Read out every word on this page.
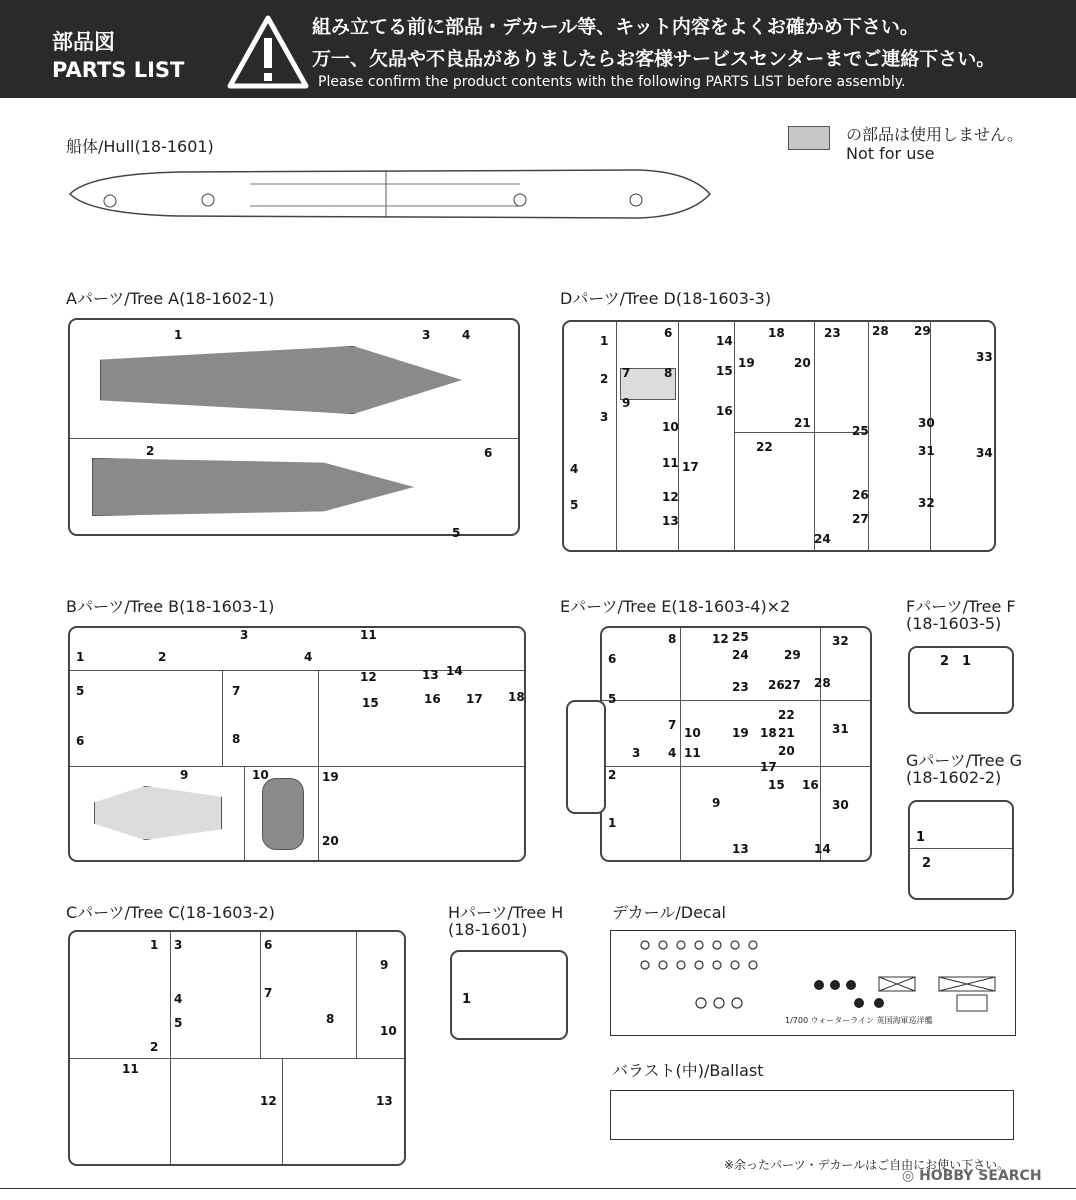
部品図
PARTS LIST
組み立てる前に部品・デカール等、キット内容をよくお確かめ下さい。
万一、欠品や不良品がありましたらお客様サービスセンターまでご連絡下さい。
Please confirm the product contents with the following PARTS LIST before assembly.
の部品は使用しません。
Not for use
船体/Hull(18-1601)
Aパーツ/Tree A(18-1602-1)
1
2
3	4
5
6
Dパーツ/Tree D(18-1603-3)
1
2
3
4
5
6
7	8
9
10
11
12
13
14
15
16
17
18
19	20
21
22
23
24
25
26
27
28 29
30
31
32
33
34
Bパーツ/Tree B(18-1603-1)
1	2
3
4
5
6
7
8
9	10
11
12	13 14
15	16 17 18
19
20
Eパーツ/Tree E(18-1603-4)×2
1
2
3 4
5
6
7
8
9
10
11
12
13	14
15 16
17
18
19
20
21
22
23
24
25
26 27 28
29
30
31
32
Fパーツ/Tree F
(18-1603-5)
2 1
Gパーツ/Tree G
(18-1602-2)
1
2
Cパーツ/Tree C(18-1603-2)
1
2
3
4
5
6
7
8
9
10
11
12	13
Hパーツ/Tree H
(18-1601)
1
デカール/Decal
1/700 ウォーターライン 英国海軍巡洋艦
バラスト(中)/Ballast
※余ったパーツ・デカールはご自由にお使い下さい。
◎ HOBBY SEARCH
